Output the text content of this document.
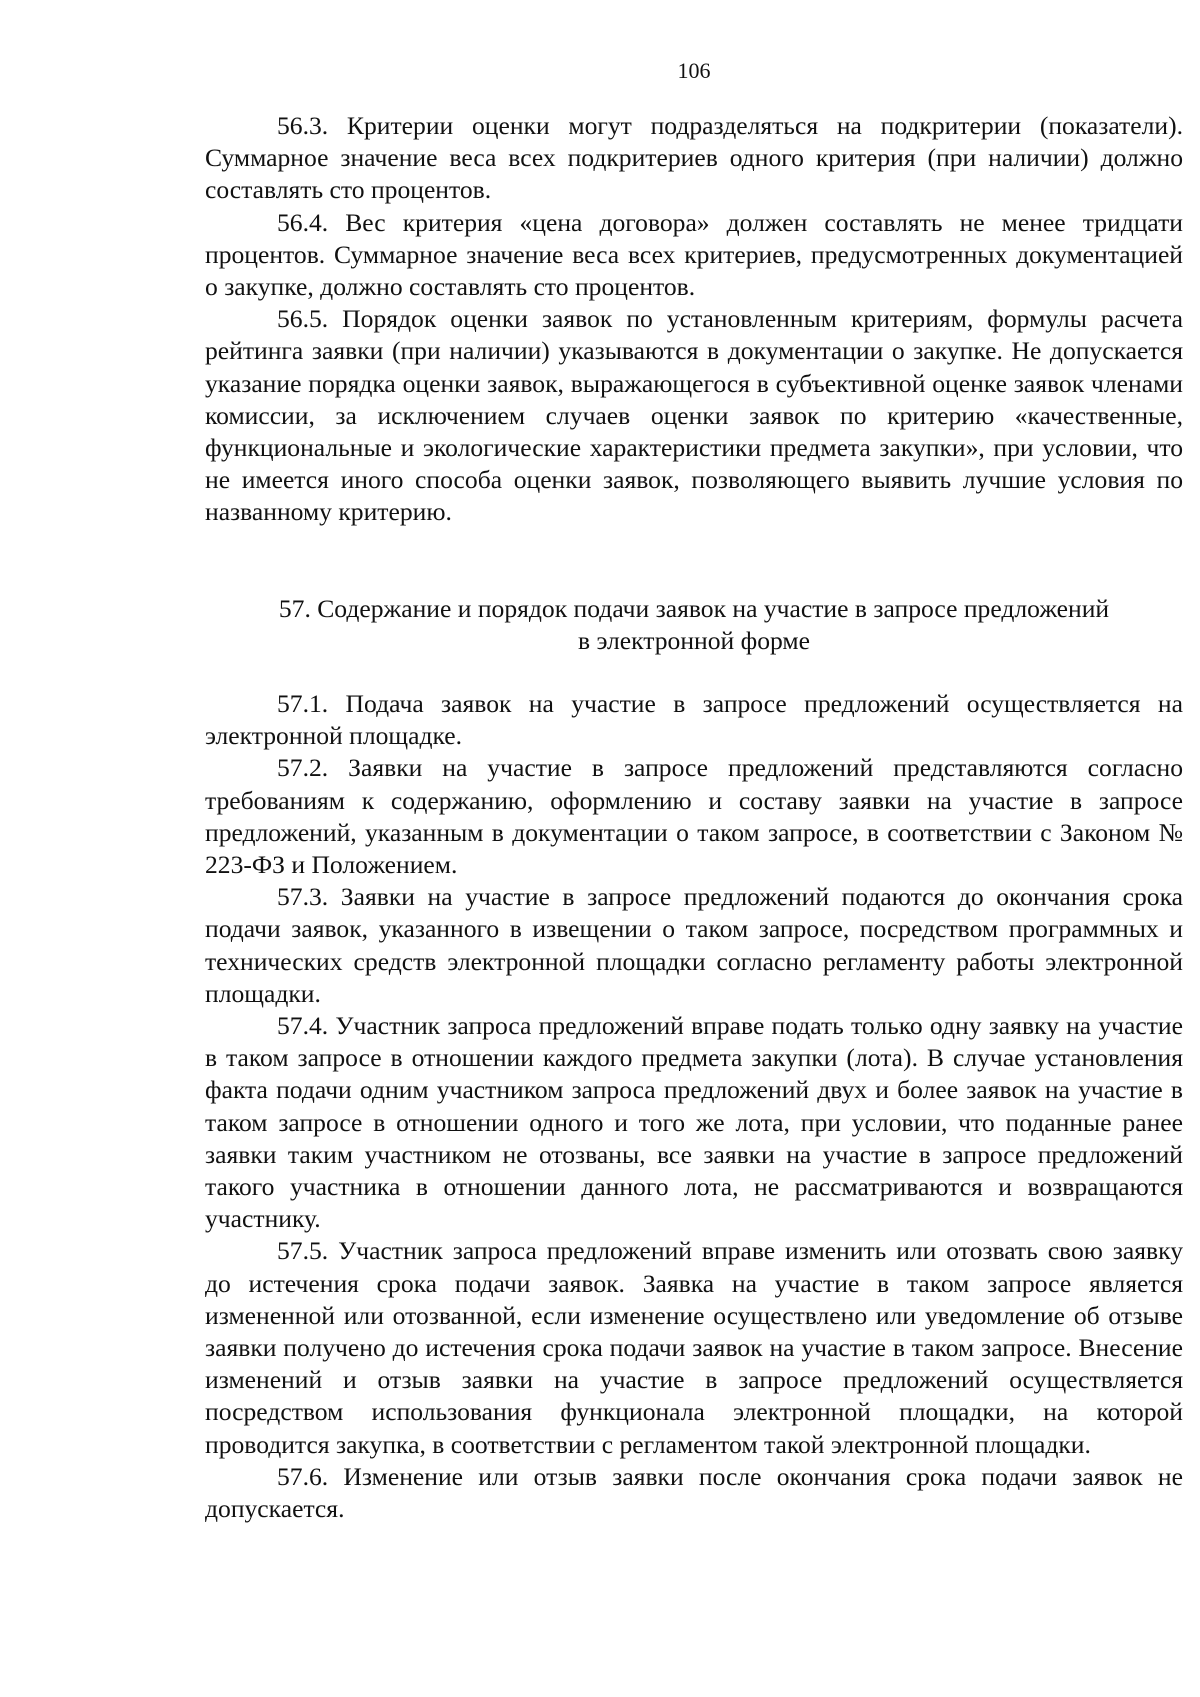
106

56.3. Критерии оценки могут подразделяться на подкритерии (показатели). Суммарное значение веса всех подкритериев одного критерия (при наличии) должно составлять сто процентов.

56.4. Вес критерия «цена договора» должен составлять не менее тридцати процентов. Суммарное значение веса всех критериев, предусмотренных документацией о закупке, должно составлять сто процентов.

56.5. Порядок оценки заявок по установленным критериям, формулы расчета рейтинга заявки (при наличии) указываются в документации о закупке. Не допускается указание порядка оценки заявок, выражающегося в субъективной оценке заявок членами комиссии, за исключением случаев оценки заявок по критерию «качественные, функциональные и экологические характеристики предмета закупки», при условии, что не имеется иного способа оценки заявок, позволяющего выявить лучшие условия по названному критерию.

57. Содержание и порядок подачи заявок на участие в запросе предложений
в электронной форме

57.1. Подача заявок на участие в запросе предложений осуществляется на электронной площадке.

57.2. Заявки на участие в запросе предложений представляются согласно требованиям к содержанию, оформлению и составу заявки на участие в запросе предложений, указанным в документации о таком запросе, в соответствии с Законом № 223-ФЗ и Положением.

57.3. Заявки на участие в запросе предложений подаются до окончания срока подачи заявок, указанного в извещении о таком запросе, посредством программных и технических средств электронной площадки согласно регламенту работы электронной площадки.

57.4. Участник запроса предложений вправе подать только одну заявку на участие в таком запросе в отношении каждого предмета закупки (лота). В случае установления факта подачи одним участником запроса предложений двух и более заявок на участие в таком запросе в отношении одного и того же лота, при условии, что поданные ранее заявки таким участником не отозваны, все заявки на участие в запросе предложений такого участника в отношении данного лота, не рассматриваются и возвращаются участнику.

57.5. Участник запроса предложений вправе изменить или отозвать свою заявку до истечения срока подачи заявок. Заявка на участие в таком запросе является измененной или отозванной, если изменение осуществлено или уведомление об отзыве заявки получено до истечения срока подачи заявок на участие в таком запросе. Внесение изменений и отзыв заявки на участие в запросе предложений осуществляется посредством использования функционала электронной площадки, на которой проводится закупка, в соответствии с регламентом такой электронной площадки.

57.6. Изменение или отзыв заявки после окончания срока подачи заявок не допускается.
